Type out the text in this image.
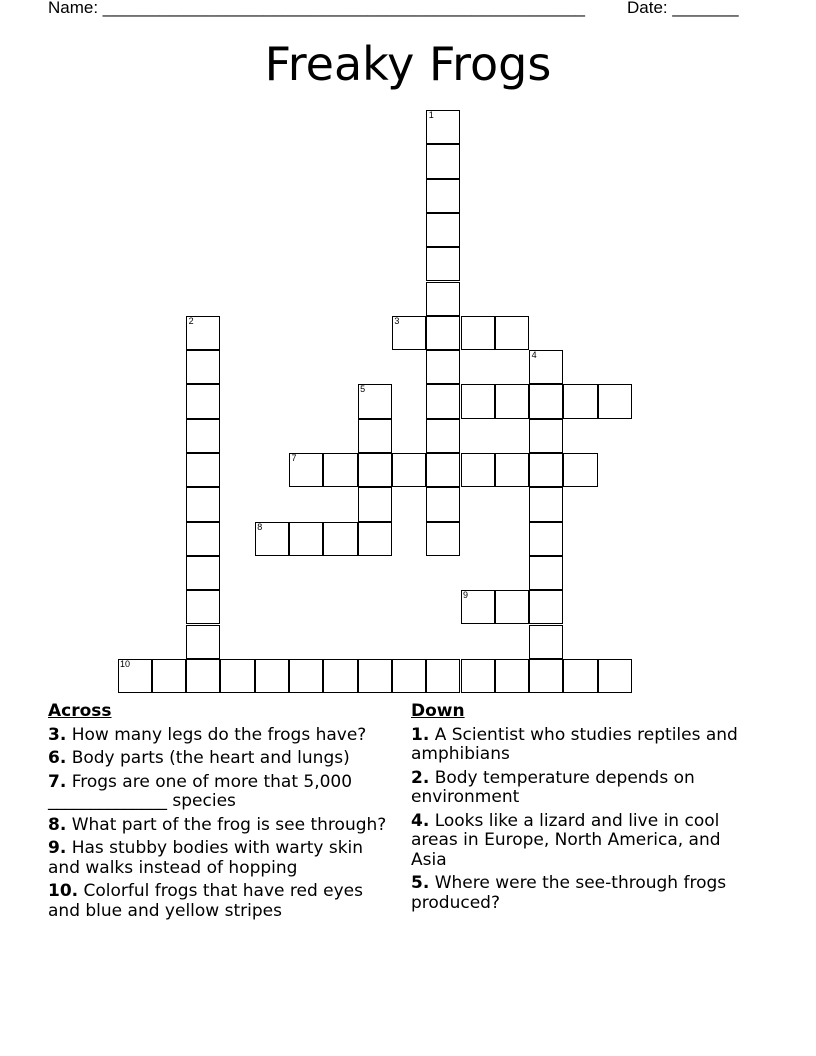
Name: ___________________________________________________ Date: _______
Freaky Frogs
1
3
2
4
5
7
8
9
10
Across
3. How many legs do the frogs have?
6. Body parts (the heart and lungs)
7. Frogs are one of more that 5,000 ______________ species
8. What part of the frog is see through?
9. Has stubby bodies with warty skin and walks instead of hopping
10. Colorful frogs that have red eyes and blue and yellow stripes
Down
1. A Scientist who studies reptiles and amphibians
2. Body temperature depends on environment
4. Looks like a lizard and live in cool areas in Europe, North America, and Asia
5. Where were the see-through frogs produced?
